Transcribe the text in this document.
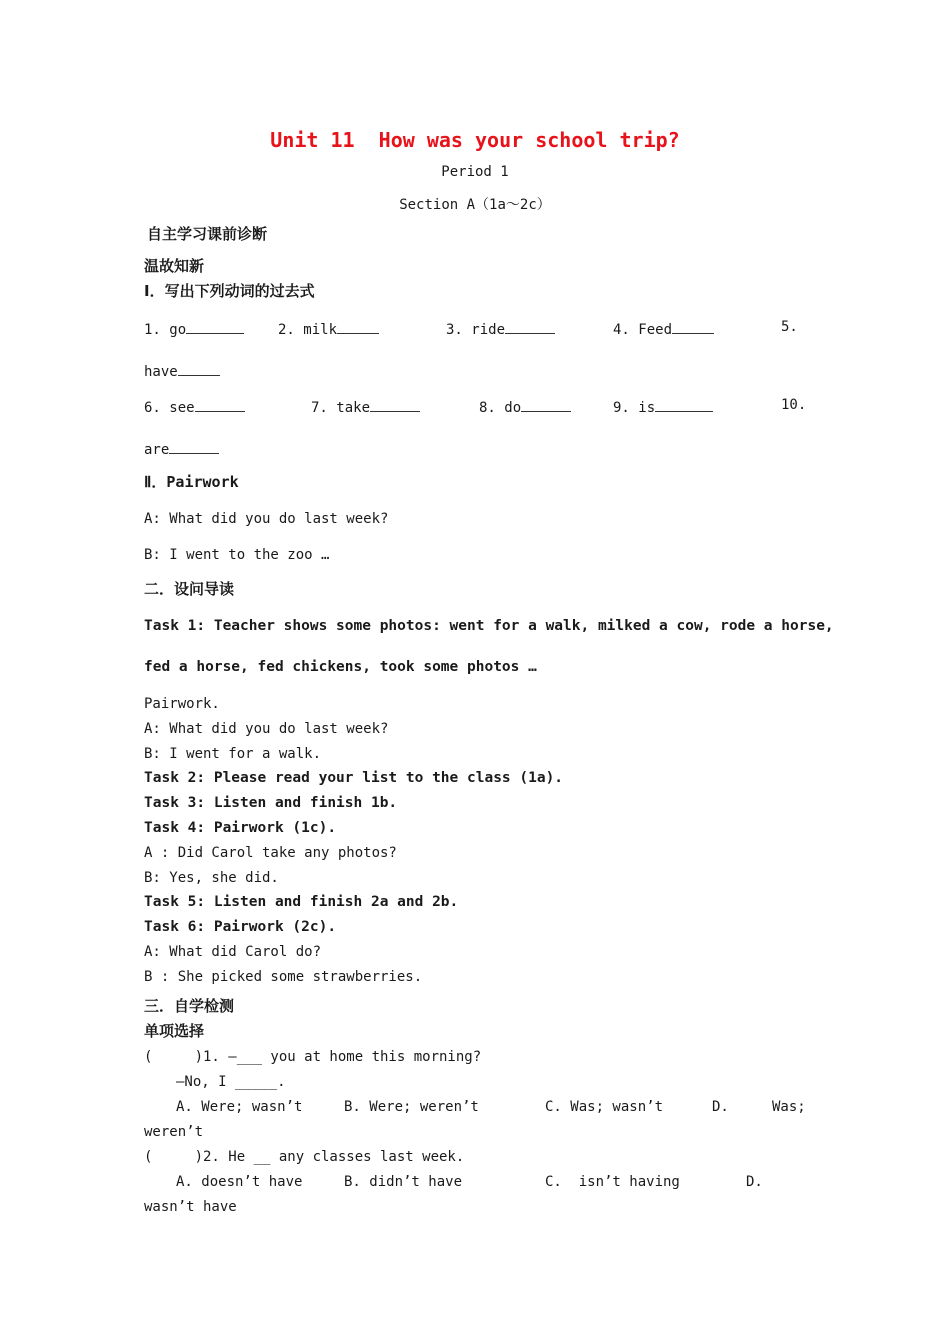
Unit 11  How was your school trip?
Period 1
Section A（1a～2c）
自主学习课前诊断
温故知新
Ⅰ．写出下列动词的过去式
1. go	2. milk	3. ride	4. Feed	5.
have
6. see	7. take	8. do	9. is	10.
are
Ⅱ．Pairwork
A: What did you do last week?
B: I went to the zoo …
二．设问导读
Task 1: Teacher shows some photos: went for a walk, milked a cow, rode a horse,
fed a horse, fed chickens, took some photos …
Pairwork.
A: What did you do last week?
B: I went for a walk.
Task 2: Please read your list to the class (1a).
Task 3: Listen and finish 1b.
Task 4: Pairwork (1c).
A : Did Carol take any photos?
B: Yes, she did.
Task 5: Listen and finish 2a and 2b.
Task 6: Pairwork (2c).
A: What did Carol do?
B : She picked some strawberries.
三．自学检测
单项选择
(     )1. —___ you at home this morning?
—No, I _____.
A. Were; wasn’t	B. Were; weren’t	C. Was; wasn’t	D.	Was;
weren’t
(     )2. He __ any classes last week.
A. doesn’t have	B. didn’t have	C.  isn’t having	D.
wasn’t have
